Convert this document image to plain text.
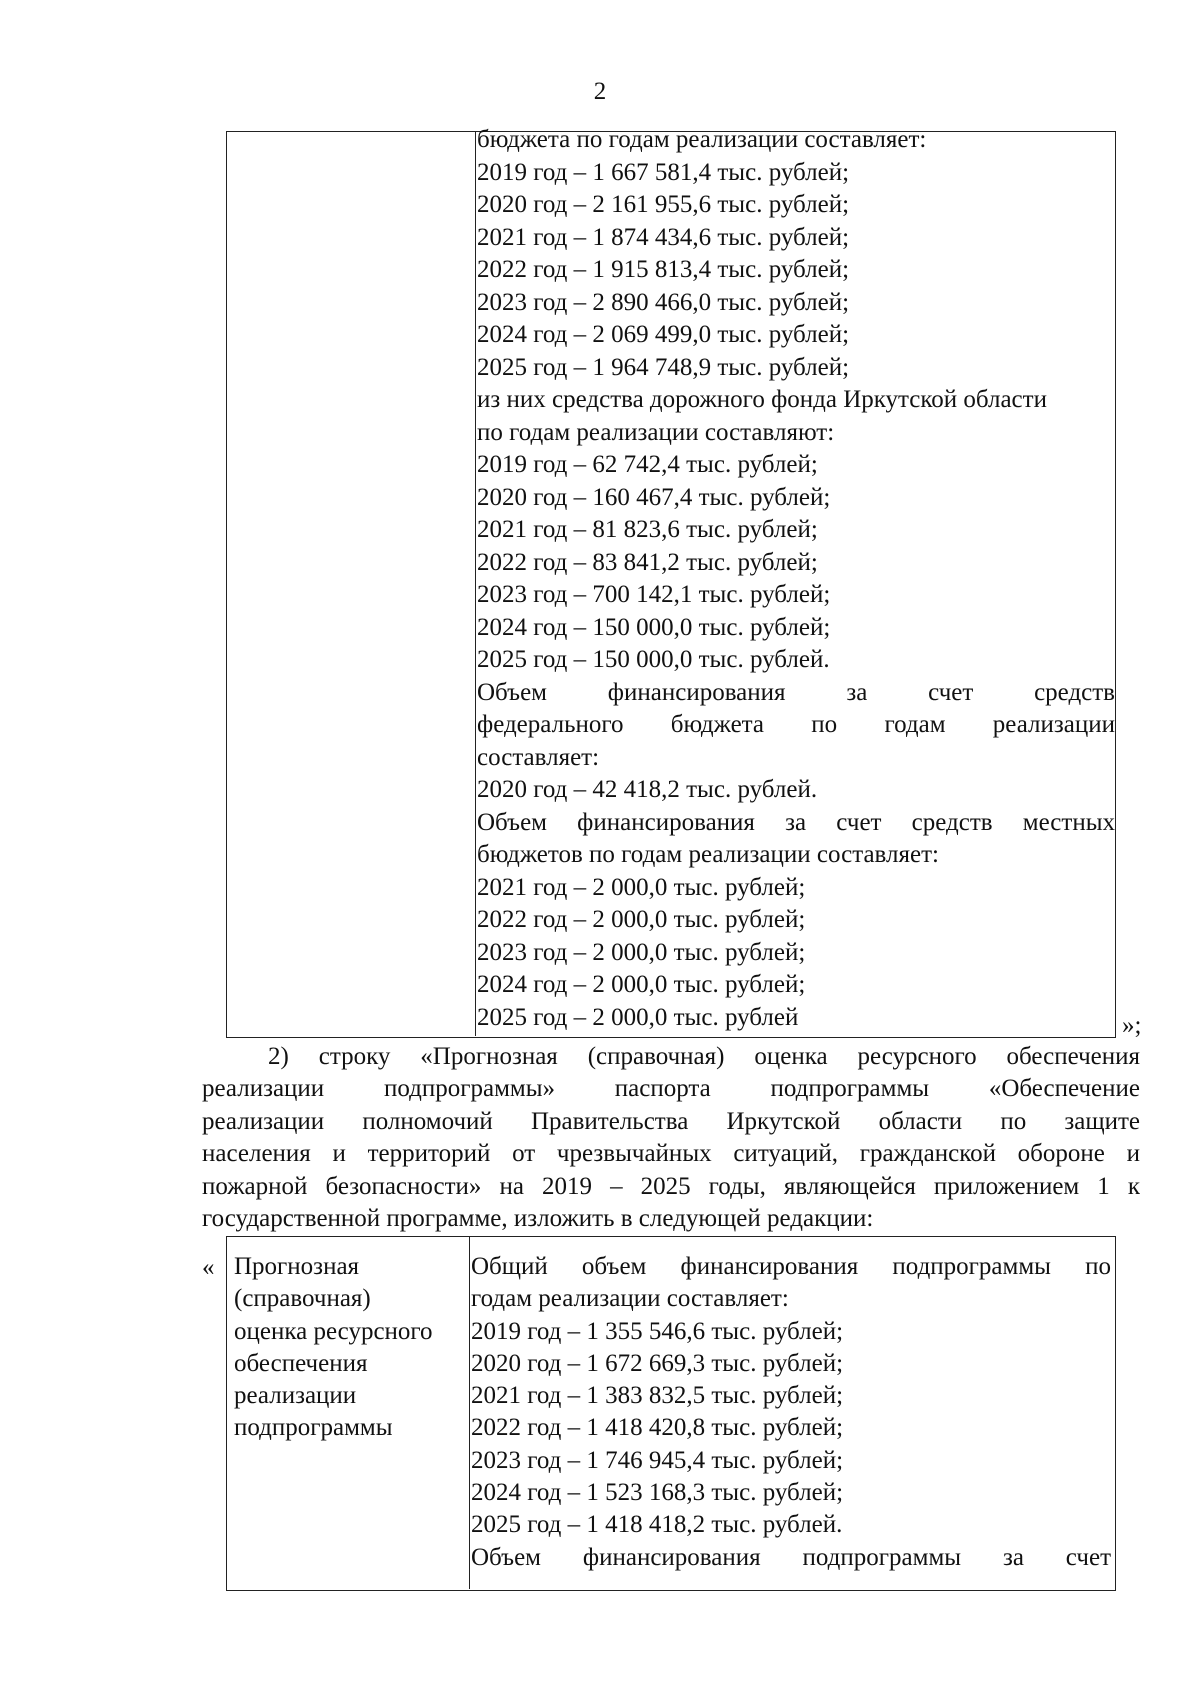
2
бюджета по годам реализации составляет:
2019 год – 1 667 581,4 тыс. рублей;
2020 год – 2 161 955,6 тыс. рублей;
2021 год – 1 874 434,6 тыс. рублей;
2022 год – 1 915 813,4 тыс. рублей;
2023 год – 2 890 466,0 тыс. рублей;
2024 год – 2 069 499,0 тыс. рублей;
2025 год – 1 964 748,9 тыс. рублей;
из них средства дорожного фонда Иркутской области
по годам реализации составляют:
2019 год – 62 742,4 тыс. рублей;
2020 год – 160 467,4 тыс. рублей;
2021 год – 81 823,6 тыс. рублей;
2022 год – 83 841,2 тыс. рублей;
2023 год – 700 142,1 тыс. рублей;
2024 год – 150 000,0 тыс. рублей;
2025 год – 150 000,0 тыс. рублей.
Объем финансирования за счет средств
федерального бюджета по годам реализации
составляет:
2020 год – 42 418,2 тыс. рублей.
Объем финансирования за счет средств местных
бюджетов по годам реализации составляет:
2021 год – 2 000,0 тыс. рублей;
2022 год – 2 000,0 тыс. рублей;
2023 год – 2 000,0 тыс. рублей;
2024 год – 2 000,0 тыс. рублей;
2025 год – 2 000,0 тыс. рублей	»;
2) строку «Прогнозная (справочная) оценка ресурсного обеспечения
реализации подпрограммы» паспорта подпрограммы «Обеспечение
реализации полномочий Правительства Иркутской области по защите
населения и территорий от чрезвычайных ситуаций, гражданской обороне и
пожарной безопасности» на 2019 – 2025 годы, являющейся приложением 1 к
государственной программе, изложить в следующей редакции:
« Прогнозная
(справочная)
оценка ресурсного
обеспечения
реализации
подпрограммы
Общий объем финансирования подпрограммы по
годам реализации составляет:
2019 год – 1 355 546,6 тыс. рублей;
2020 год – 1 672 669,3 тыс. рублей;
2021 год – 1 383 832,5 тыс. рублей;
2022 год – 1 418 420,8 тыс. рублей;
2023 год – 1 746 945,4 тыс. рублей;
2024 год – 1 523 168,3 тыс. рублей;
2025 год – 1 418 418,2 тыс. рублей.
Объем финансирования подпрограммы за счет
